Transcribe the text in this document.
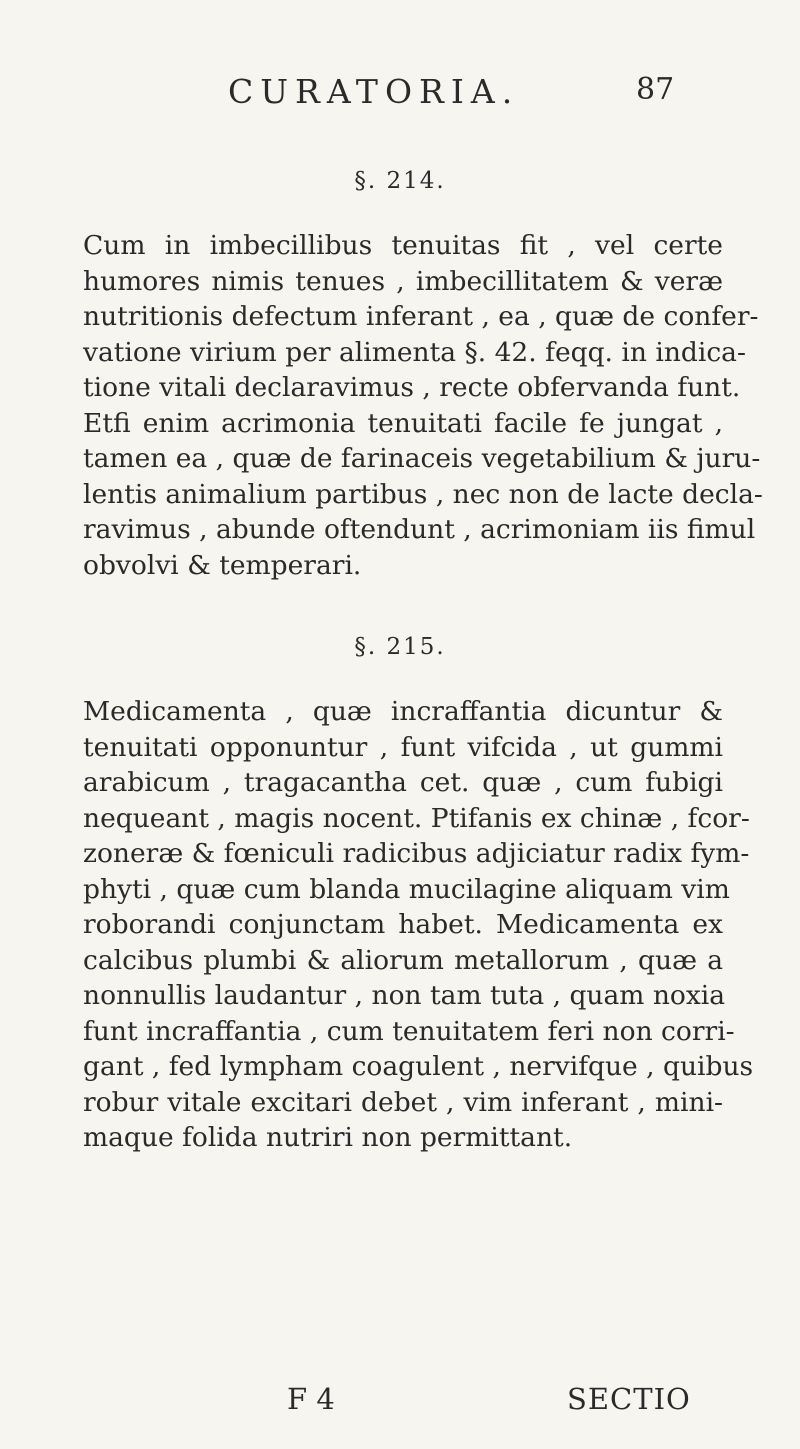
CURATORIA.	87
§. 214.
Cum in imbecillibus tenuitas fit , vel certe
humores nimis tenues , imbecillitatem & veræ
nutritionis defectum inferant , ea , quæ de confer-
vatione virium per alimenta §. 42. feqq. in indica-
tione vitali declaravimus , recte obfervanda funt.
Etfi enim acrimonia tenuitati facile fe jungat ,
tamen ea , quæ de farinaceis vegetabilium & juru-
lentis animalium partibus , nec non de lacte decla-
ravimus , abunde oftendunt , acrimoniam iis fimul
obvolvi & temperari.
§. 215.
Medicamenta , quæ incraffantia dicuntur &
tenuitati opponuntur , funt vifcida , ut gummi
arabicum , tragacantha cet. quæ , cum fubigi
nequeant , magis nocent. Ptifanis ex chinæ , fcor-
zoneræ & fœniculi radicibus adjiciatur radix fym-
phyti , quæ cum blanda mucilagine aliquam vim
roborandi conjunctam habet. Medicamenta ex
calcibus plumbi & aliorum metallorum , quæ a
nonnullis laudantur , non tam tuta , quam noxia
funt incraffantia , cum tenuitatem feri non corri-
gant , fed lympham coagulent , nervifque , quibus
robur vitale excitari debet , vim inferant , mini-
maque folida nutriri non permittant.
F 4	SECTIO
